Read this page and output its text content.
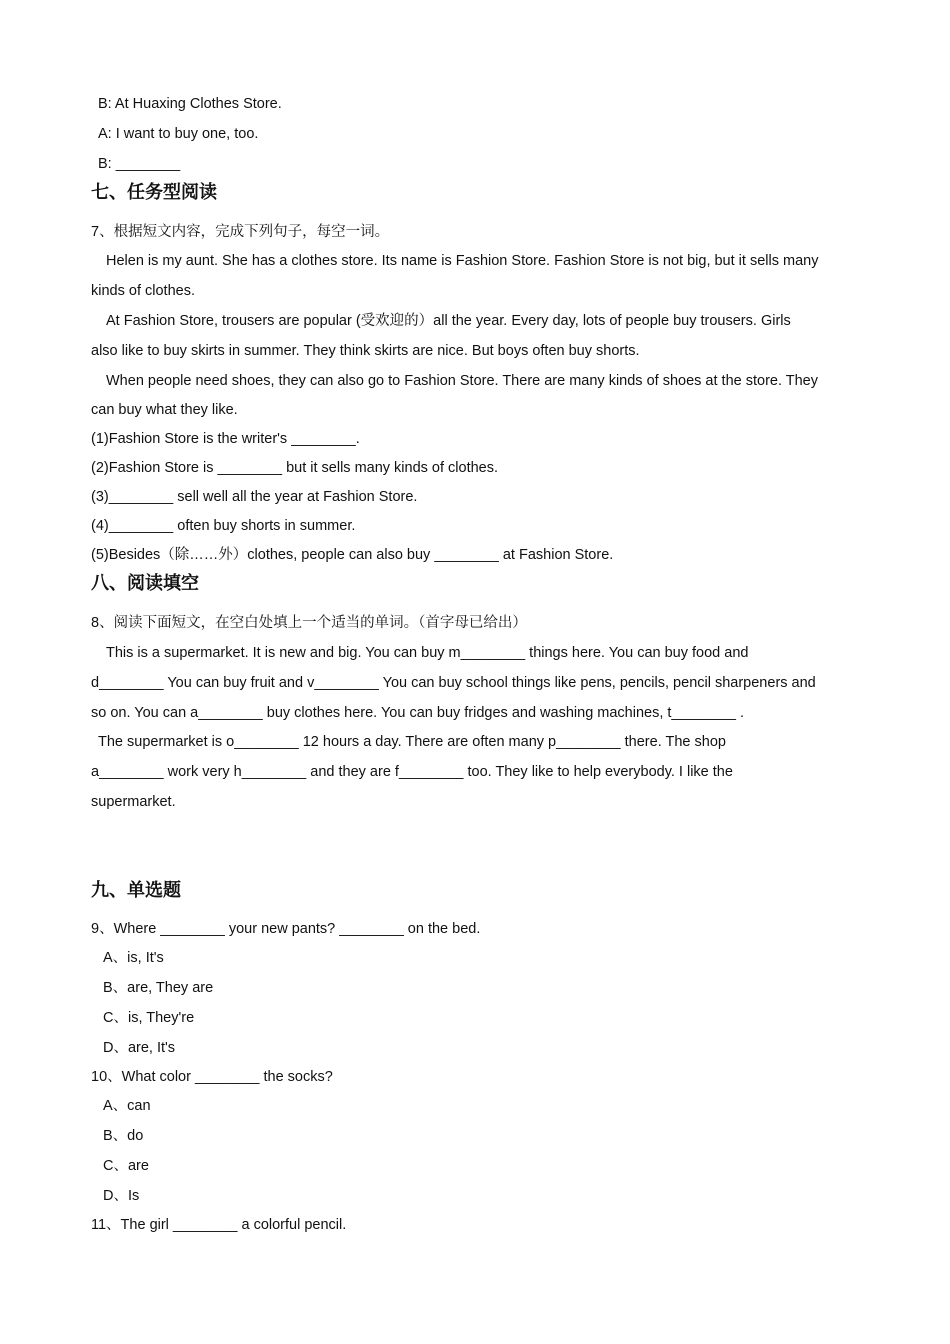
B: At Huaxing Clothes Store.
A: I want to buy one, too.
B: ________
七、任务型阅读
7、根据短文内容，完成下列句子，每空一词。
Helen is my aunt. She has a clothes store. Its name is Fashion Store. Fashion Store is not big, but it sells many
kinds of clothes.
At Fashion Store, trousers are popular (受欢迎的）all the year. Every day, lots of people buy trousers. Girls
also like to buy skirts in summer. They think skirts are nice. But boys often buy shorts.
When people need shoes, they can also go to Fashion Store. There are many kinds of shoes at the store. They
can buy what they like.
(1)Fashion Store is the writer's ________.
(2)Fashion Store is ________ but it sells many kinds of clothes.
(3)________ sell well all the year at Fashion Store.
(4)________ often buy shorts in summer.
(5)Besides（除……外）clothes, people can also buy ________ at Fashion Store.
八、阅读填空
8、阅读下面短文，在空白处填上一个适当的单词。（首字母已给出）
This is a supermarket. It is new and big. You can buy m________ things here. You can buy food and
d________ You can buy fruit and v________ You can buy school things like pens, pencils, pencil sharpeners and
so on. You can a________ buy clothes here. You can buy fridges and washing machines, t________ .
The supermarket is o________ 12 hours a day. There are often many p________ there. The shop
a________ work very h________ and they are f________ too. They like to help everybody. I like the
supermarket.
九、单选题
9、Where ________ your new pants? ________ on the bed.
A、is, It's
B、are, They are
C、is, They're
D、are, It's
10、What color ________ the socks?
A、can
B、do
C、are
D、Is
11、The girl ________ a colorful pencil.
